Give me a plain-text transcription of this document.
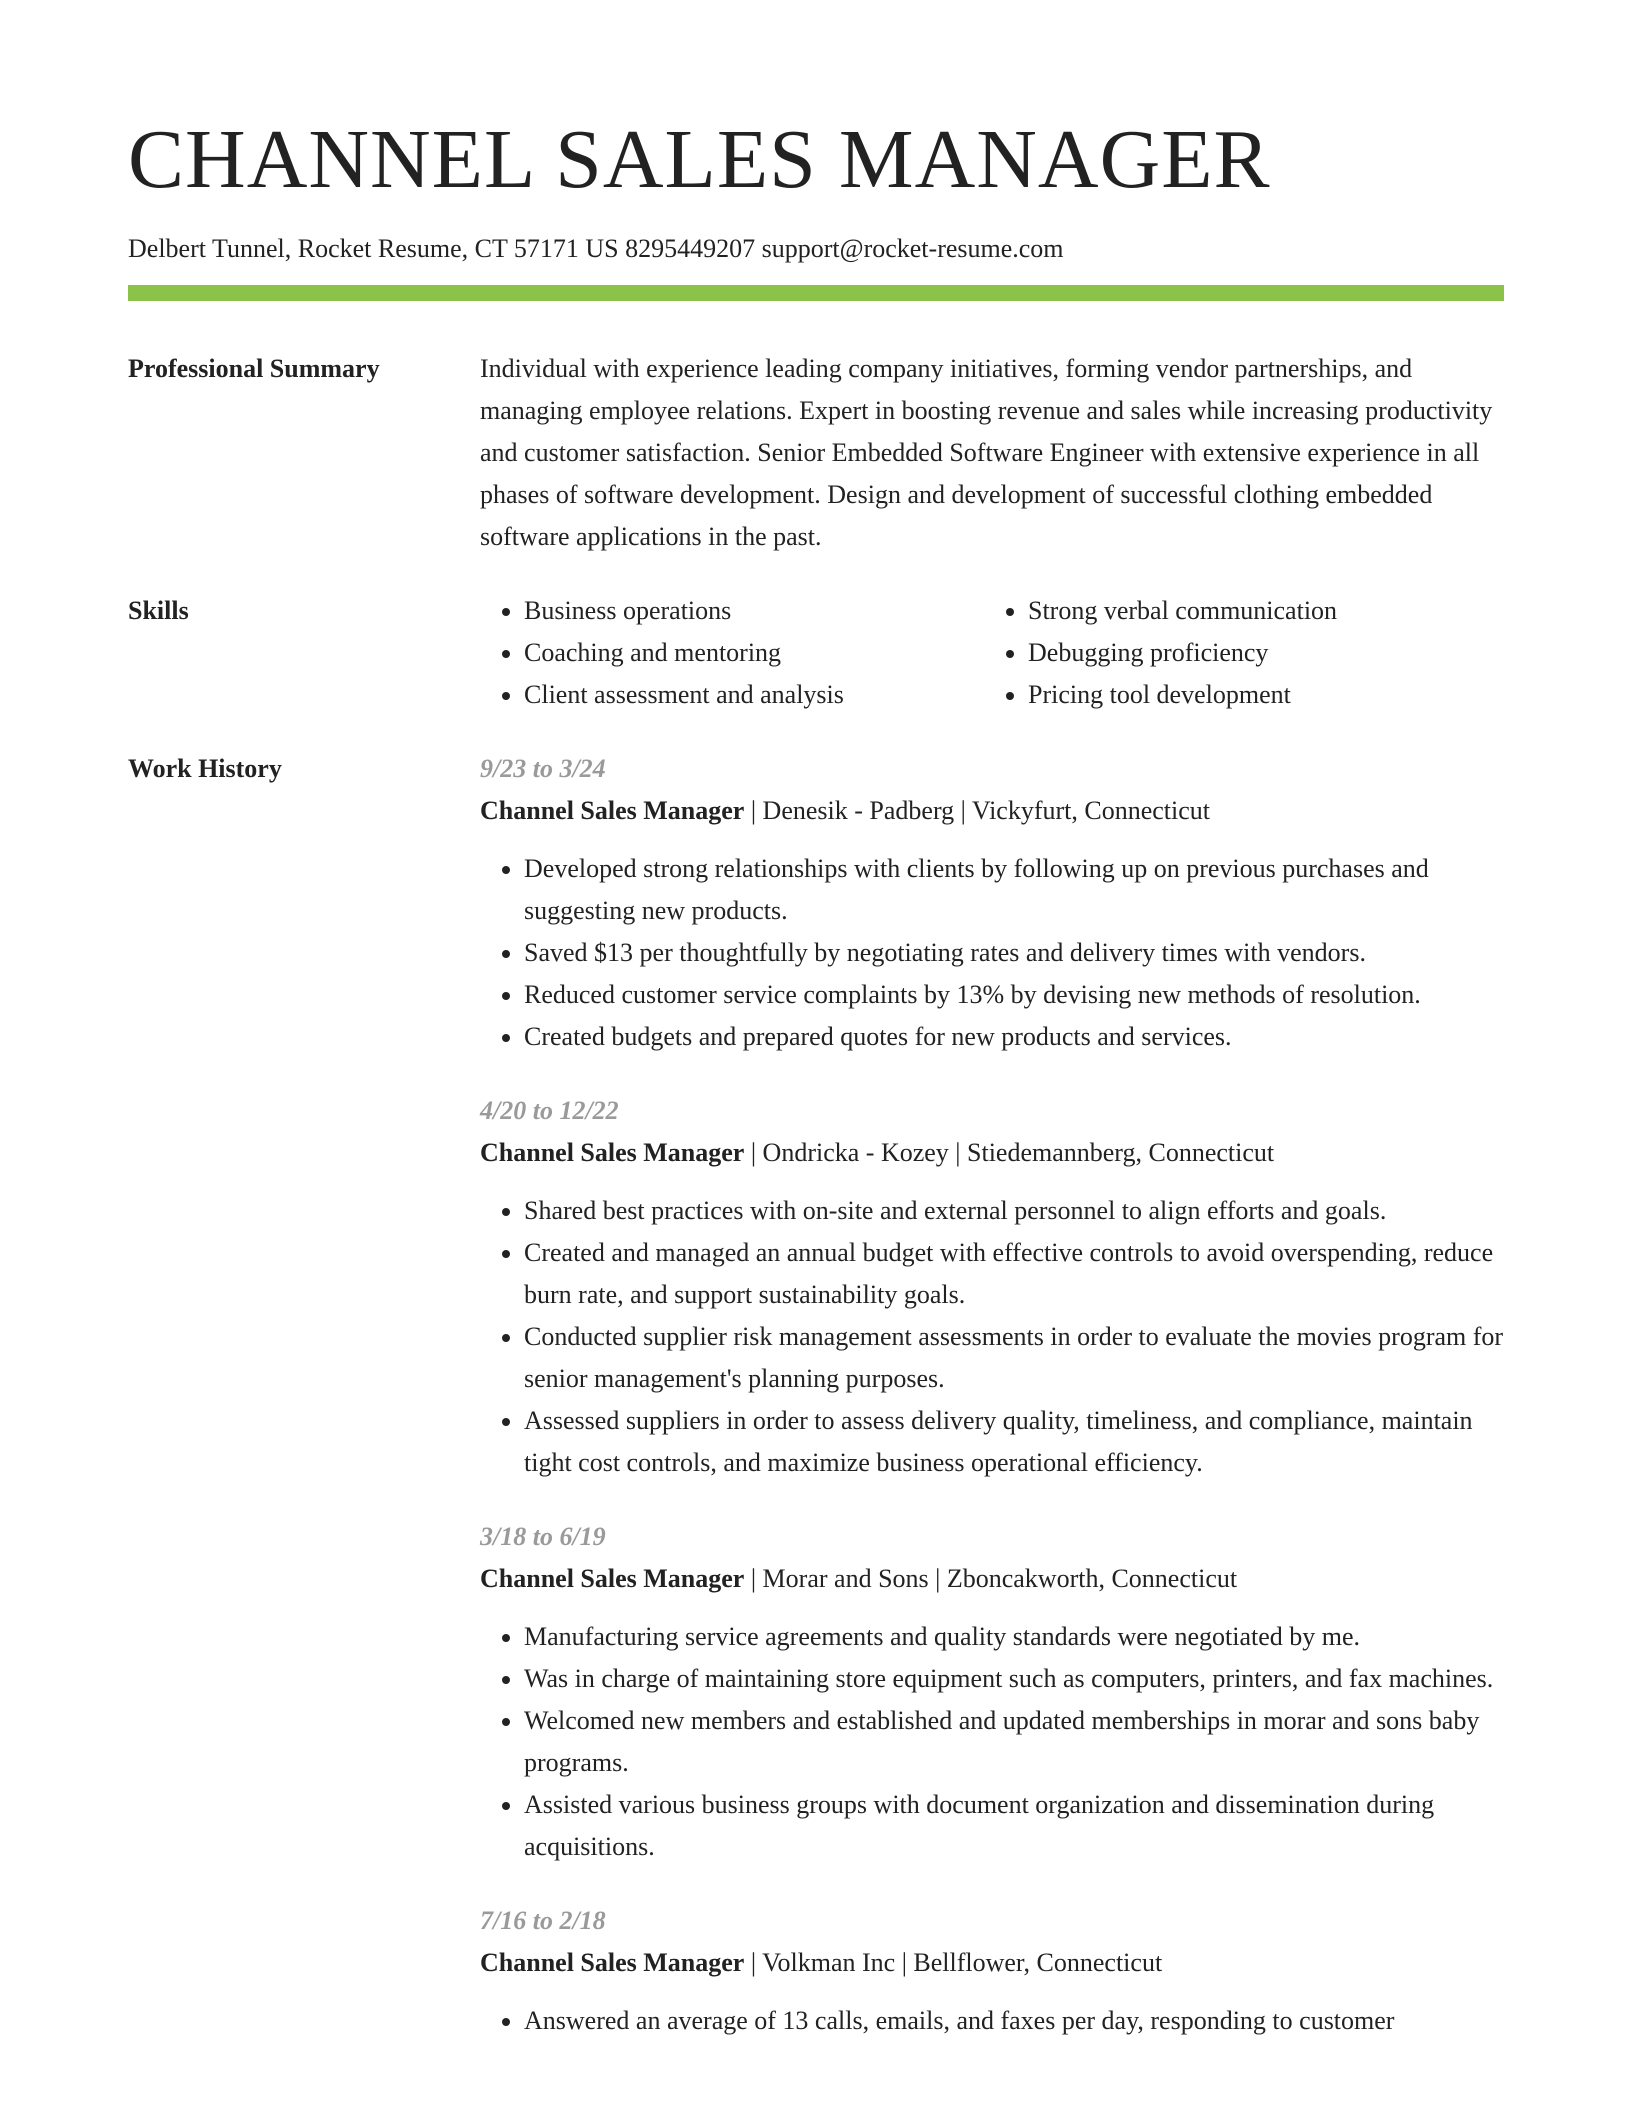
CHANNEL SALES MANAGER
Delbert Tunnel, Rocket Resume, CT 57171 US 8295449207 support@rocket-resume.com
Professional Summary	Individual with experience leading company initiatives, forming vendor partnerships, and managing employee relations. Expert in boosting revenue and sales while increasing productivity and customer satisfaction. Senior Embedded Software Engineer with extensive experience in all phases of software development. Design and development of successful clothing embedded software applications in the past.

Skills
•	Business operations
• Coaching and mentoring
• Client assessment and analysis
• Strong verbal communication
• Debugging proficiency
• Pricing tool development
Work History	9/23 to 3/24
Channel Sales Manager | Denesik - Padberg | Vickyfurt, Connecticut
• Developed strong relationships with clients by following up on previous purchases and suggesting new products.
• Saved $13 per thoughtfully by negotiating rates and delivery times with vendors.
• Reduced customer service complaints by 13% by devising new methods of resolution.
• Created budgets and prepared quotes for new products and services.
4/20 to 12/22
Channel Sales Manager | Ondricka - Kozey | Stiedemannberg, Connecticut
• Shared best practices with on-site and external personnel to align efforts and goals.
• Created and managed an annual budget with effective controls to avoid overspending, reduce burn rate, and support sustainability goals.
• Conducted supplier risk management assessments in order to evaluate the movies program for senior management's planning purposes.
• Assessed suppliers in order to assess delivery quality, timeliness, and compliance, maintain tight cost controls, and maximize business operational efficiency.
3/18 to 6/19
Channel Sales Manager | Morar and Sons | Zboncakworth, Connecticut
• Manufacturing service agreements and quality standards were negotiated by me.
• Was in charge of maintaining store equipment such as computers, printers, and fax machines.
• Welcomed new members and established and updated memberships in morar and sons baby programs.
• Assisted various business groups with document organization and dissemination during acquisitions.
7/16 to 2/18
Channel Sales Manager | Volkman Inc | Bellflower, Connecticut
• Answered an average of 13 calls, emails, and faxes per day, responding to customer
